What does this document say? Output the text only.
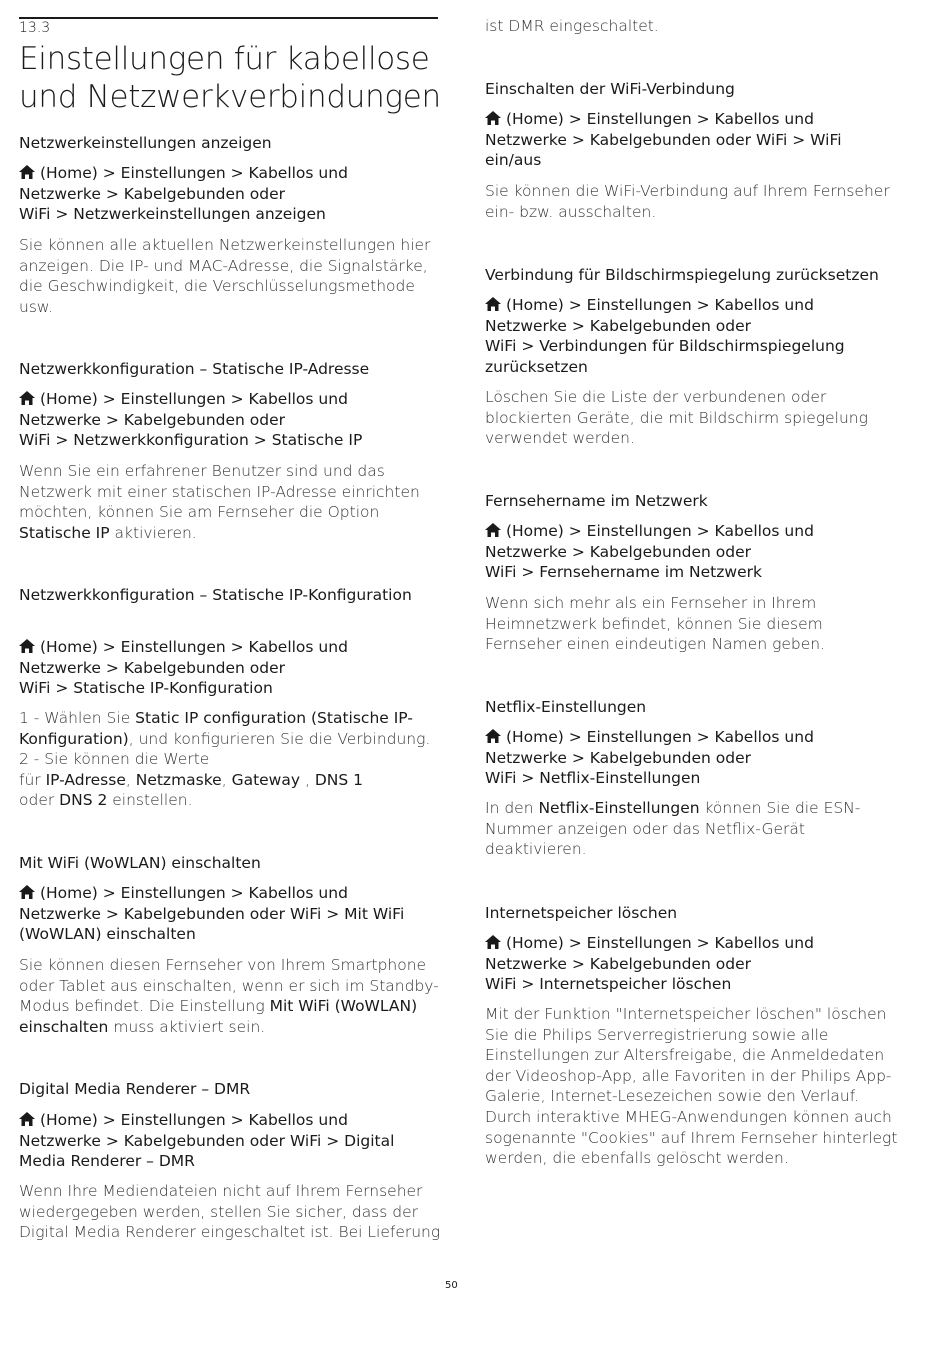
13.3
Einstellungen für kabellose
und Netzwerkverbindungen
Netzwerkeinstellungen anzeigen
(Home) > Einstellungen > Kabellos und
Netzwerke > Kabelgebunden oder
WiFi > Netzwerkeinstellungen anzeigen
Sie können alle aktuellen Netzwerkeinstellungen hier
anzeigen. Die IP- und MAC-Adresse, die Signalstärke,
die Geschwindigkeit, die Verschlüsselungsmethode
usw.
Netzwerkkonfiguration – Statische IP-Adresse
(Home) > Einstellungen > Kabellos und
Netzwerke > Kabelgebunden oder
WiFi > Netzwerkkonfiguration > Statische IP
Wenn Sie ein erfahrener Benutzer sind und das
Netzwerk mit einer statischen IP-Adresse einrichten
möchten, können Sie am Fernseher die Option
Statische IP aktivieren.
Netzwerkkonfiguration – Statische IP-Konfiguration
(Home) > Einstellungen > Kabellos und
Netzwerke > Kabelgebunden oder
WiFi > Statische IP-Konfiguration
1 - Wählen Sie Static IP configuration (Statische IP-
Konfiguration), und konfigurieren Sie die Verbindung.
2 - Sie können die Werte
für IP-Adresse, Netzmaske, Gateway , DNS 1
oder DNS 2 einstellen.
Mit WiFi (WoWLAN) einschalten
(Home) > Einstellungen > Kabellos und
Netzwerke > Kabelgebunden oder WiFi > Mit WiFi
(WoWLAN) einschalten
Sie können diesen Fernseher von Ihrem Smartphone
oder Tablet aus einschalten, wenn er sich im Standby-
Modus befindet. Die Einstellung Mit WiFi (WoWLAN)
einschalten muss aktiviert sein.
Digital Media Renderer – DMR
(Home) > Einstellungen > Kabellos und
Netzwerke > Kabelgebunden oder WiFi > Digital
Media Renderer – DMR
Wenn Ihre Mediendateien nicht auf Ihrem Fernseher
wiedergegeben werden, stellen Sie sicher, dass der
Digital Media Renderer eingeschaltet ist. Bei Lieferung
ist DMR eingeschaltet.
Einschalten der WiFi-Verbindung
(Home) > Einstellungen > Kabellos und
Netzwerke > Kabelgebunden oder WiFi > WiFi
ein/aus
Sie können die WiFi-Verbindung auf Ihrem Fernseher
ein- bzw. ausschalten.
Verbindung für Bildschirmspiegelung zurücksetzen
(Home) > Einstellungen > Kabellos und
Netzwerke > Kabelgebunden oder
WiFi > Verbindungen für Bildschirmspiegelung
zurücksetzen
Löschen Sie die Liste der verbundenen oder
blockierten Geräte, die mit Bildschirm spiegelung
verwendet werden.
Fernsehername im Netzwerk
(Home) > Einstellungen > Kabellos und
Netzwerke > Kabelgebunden oder
WiFi > Fernsehername im Netzwerk
Wenn sich mehr als ein Fernseher in Ihrem
Heimnetzwerk befindet, können Sie diesem
Fernseher einen eindeutigen Namen geben.
Netflix-Einstellungen
(Home) > Einstellungen > Kabellos und
Netzwerke > Kabelgebunden oder
WiFi > Netflix-Einstellungen
In den Netflix-Einstellungen können Sie die ESN-
Nummer anzeigen oder das Netflix-Gerät
deaktivieren.
Internetspeicher löschen
(Home) > Einstellungen > Kabellos und
Netzwerke > Kabelgebunden oder
WiFi > Internetspeicher löschen
Mit der Funktion "Internetspeicher löschen" löschen
Sie die Philips Serverregistrierung sowie alle
Einstellungen zur Altersfreigabe, die Anmeldedaten
der Videoshop-App, alle Favoriten in der Philips App-
Galerie, Internet-Lesezeichen sowie den Verlauf.
Durch interaktive MHEG-Anwendungen können auch
sogenannte "Cookies" auf Ihrem Fernseher hinterlegt
werden, die ebenfalls gelöscht werden.
50
